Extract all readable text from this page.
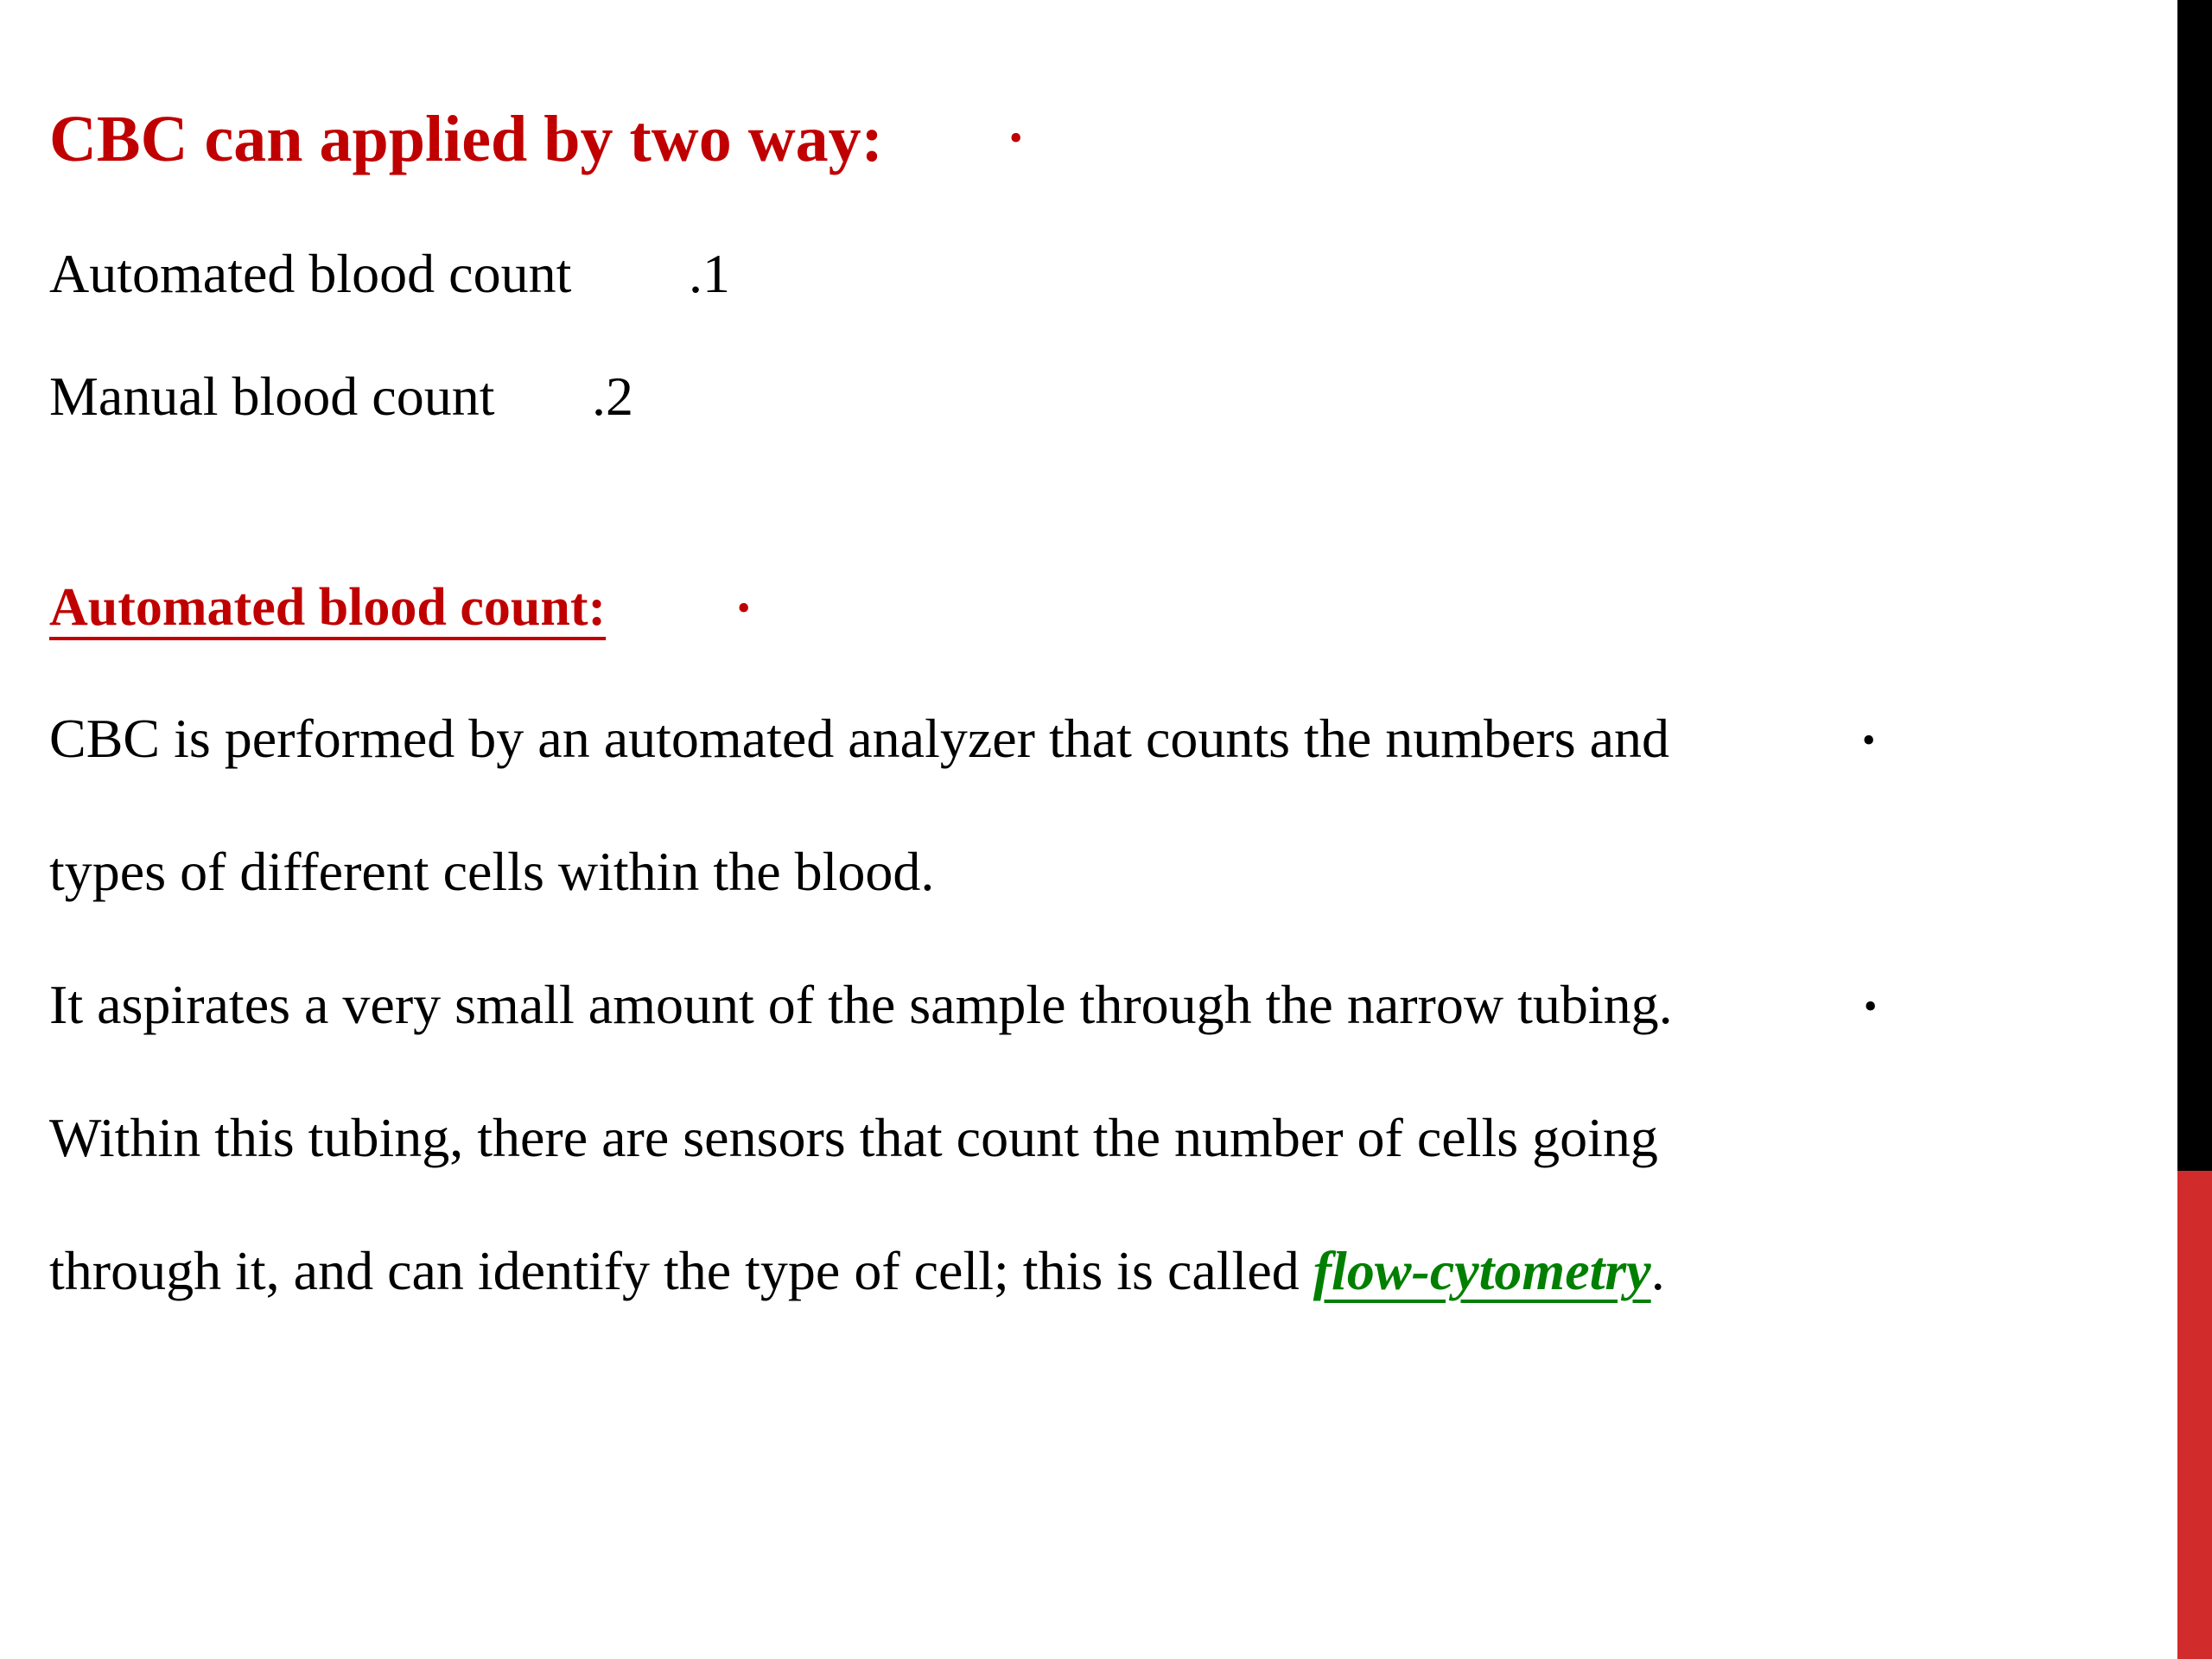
CBC can applied by two way:	•
Automated blood count .1
Manual blood count .2
Automated blood count:	•
CBC is performed by an automated analyzer that counts the numbers and	•
types of different cells within the blood.
It aspirates a very small amount of the sample through the narrow tubing.	•
Within this tubing, there are sensors that count the number of cells going
through it, and can identify the type of cell; this is called flow-cytometry.
